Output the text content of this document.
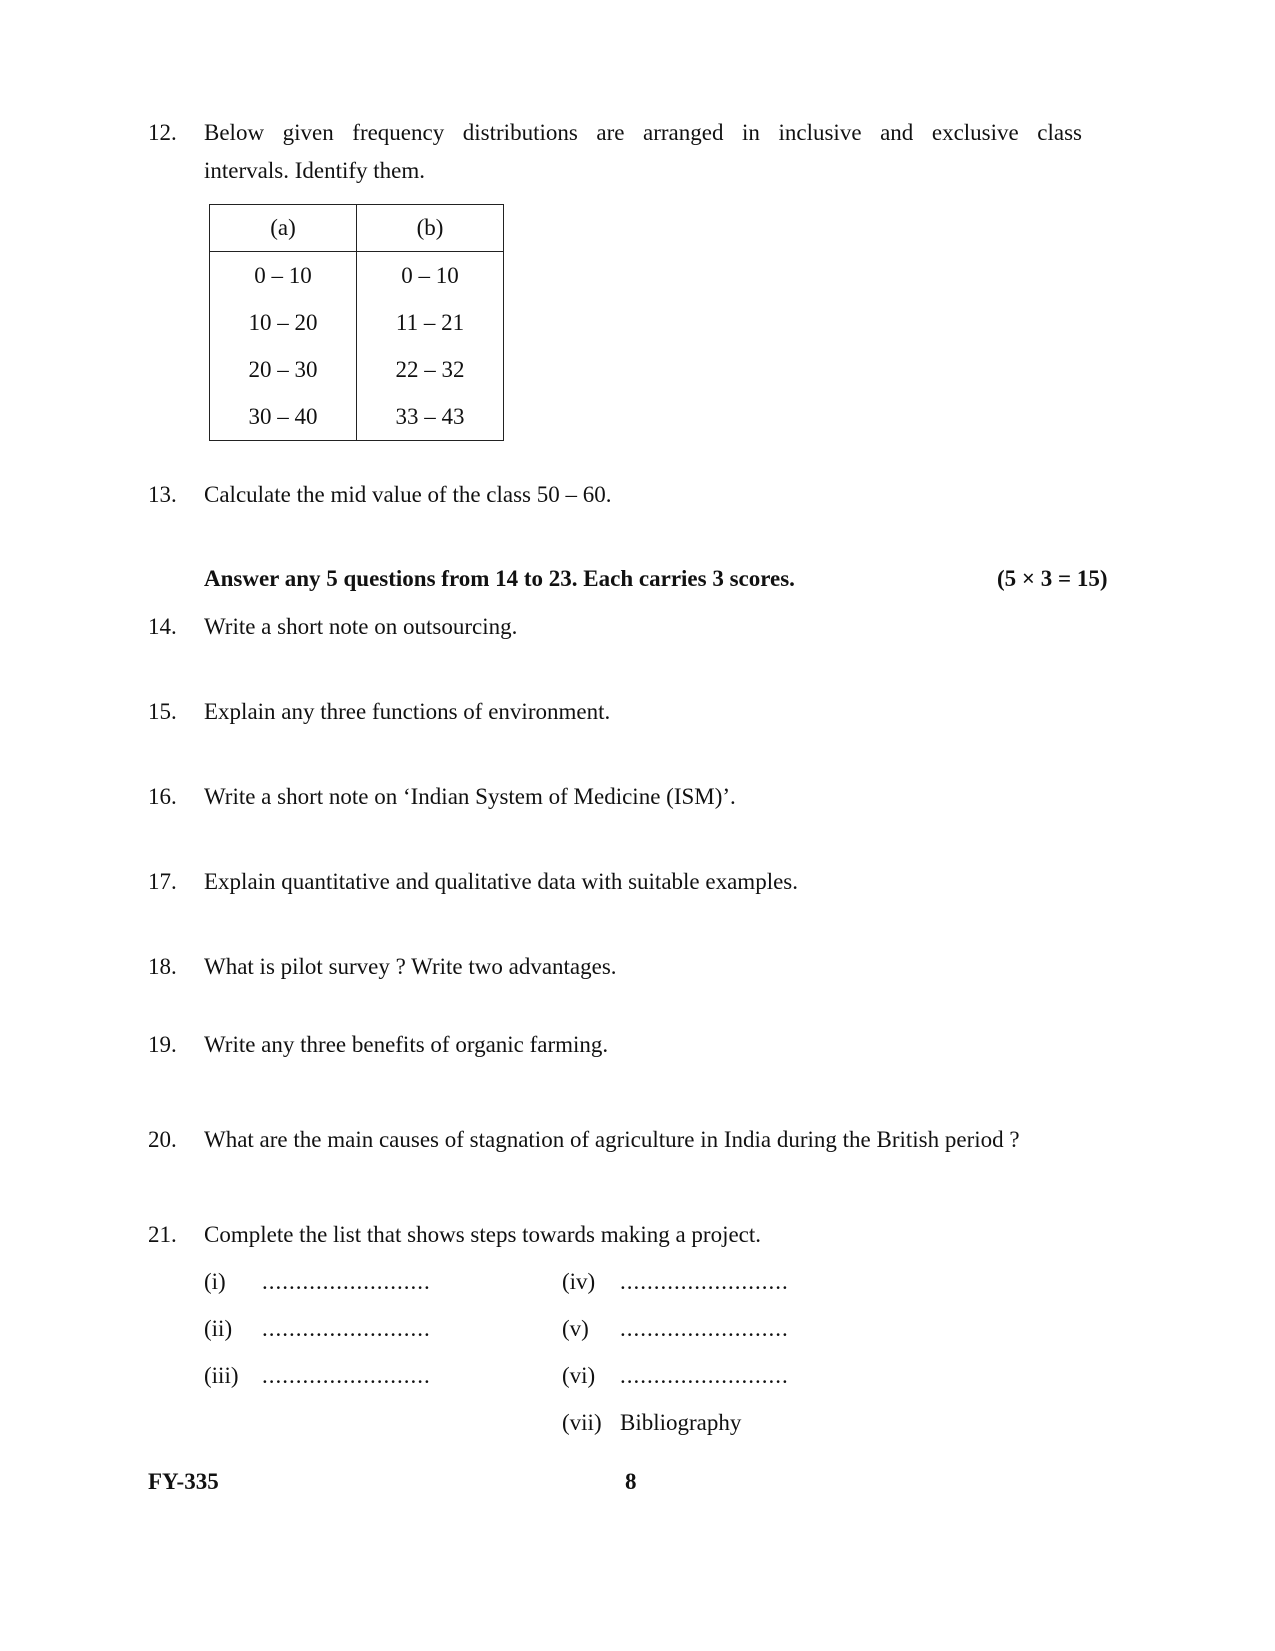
12. Below given frequency distributions are arranged in inclusive and exclusive class
intervals. Identify them.
(a)	(b)
0 – 10	0 – 10
10 – 20	11 – 21
20 – 30	22 – 32
30 – 40	33 – 43
13. Calculate the mid value of the class 50 – 60.
Answer any 5 questions from 14 to 23. Each carries 3 scores.	(5 × 3 = 15)
14. Write a short note on outsourcing.
15. Explain any three functions of environment.
16. Write a short note on ‘Indian System of Medicine (ISM)’.
17. Explain quantitative and qualitative data with suitable examples.
18. What is pilot survey ? Write two advantages.
19. Write any three benefits of organic farming.
20. What are the main causes of stagnation of agriculture in India during the British period ?
21. Complete the list that shows steps towards making a project.
(i) .........................
(ii) .........................
(iii) .........................
(iv) .........................
(v) .........................
(vi) .........................
(vii) Bibliography
FY-335	8
